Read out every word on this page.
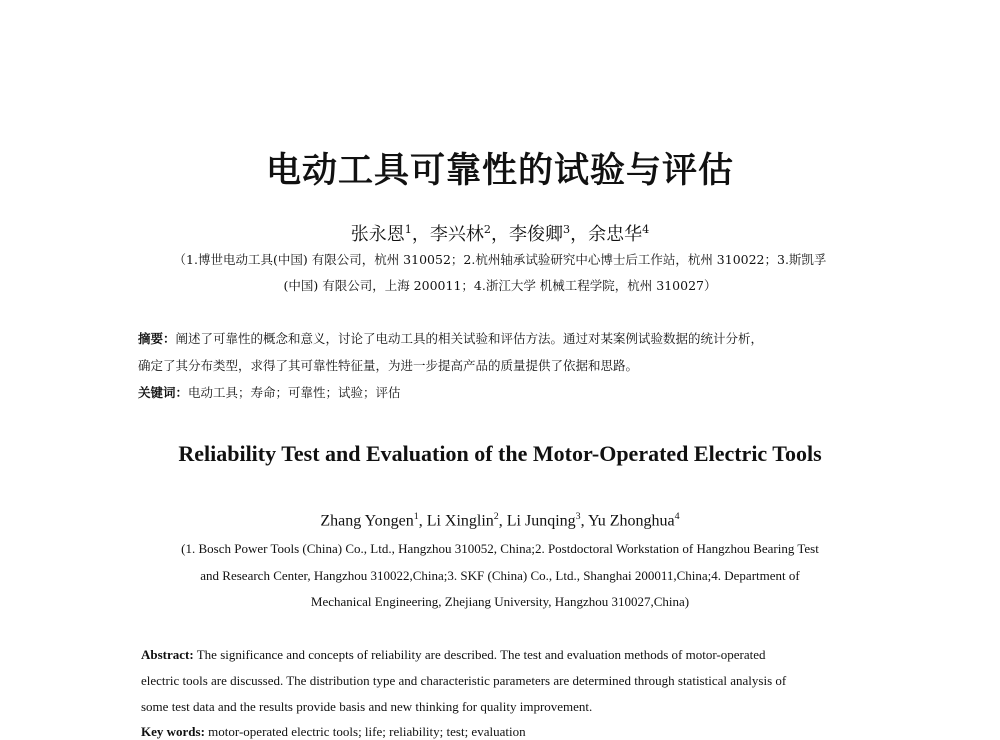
电动工具可靠性的试验与评估
张永恩$^1$，李兴林$^2$，李俊卿$^3$，余忠华$^4$
（1.博世电动工具(中国) 有限公司，杭州 310052；2.杭州轴承试验研究中心博士后工作站，杭州 310022；3.斯凯孚
(中国) 有限公司，上海 200011；4.浙江大学 机械工程学院，杭州 310027）
摘要：阐述了可靠性的概念和意义，讨论了电动工具的相关试验和评估方法。通过对某案例试验数据的统计分析，
确定了其分布类型，求得了其可靠性特征量，为进一步提高产品的质量提供了依据和思路。
关键词：电动工具；寿命；可靠性；试验；评估
Reliability Test and Evaluation of the Motor-Operated Electric Tools
Zhang Yongen$^1$, Li Xinglin$^2$, Li Junqing$^3$, Yu Zhonghua$^4$
(1. Bosch Power Tools (China) Co., Ltd., Hangzhou 310052, China;2. Postdoctoral Workstation of Hangzhou Bearing Test
and Research Center, Hangzhou 310022,China;3. SKF (China) Co., Ltd., Shanghai 200011,China;4. Department of
Mechanical Engineering, Zhejiang University, Hangzhou 310027,China)
Abstract: The significance and concepts of reliability are described. The test and evaluation methods of motor-operated
electric tools are discussed. The distribution type and characteristic parameters are determined through statistical analysis of
some test data and the results provide basis and new thinking for quality improvement.
Key words: motor-operated electric tools; life; reliability; test; evaluation
